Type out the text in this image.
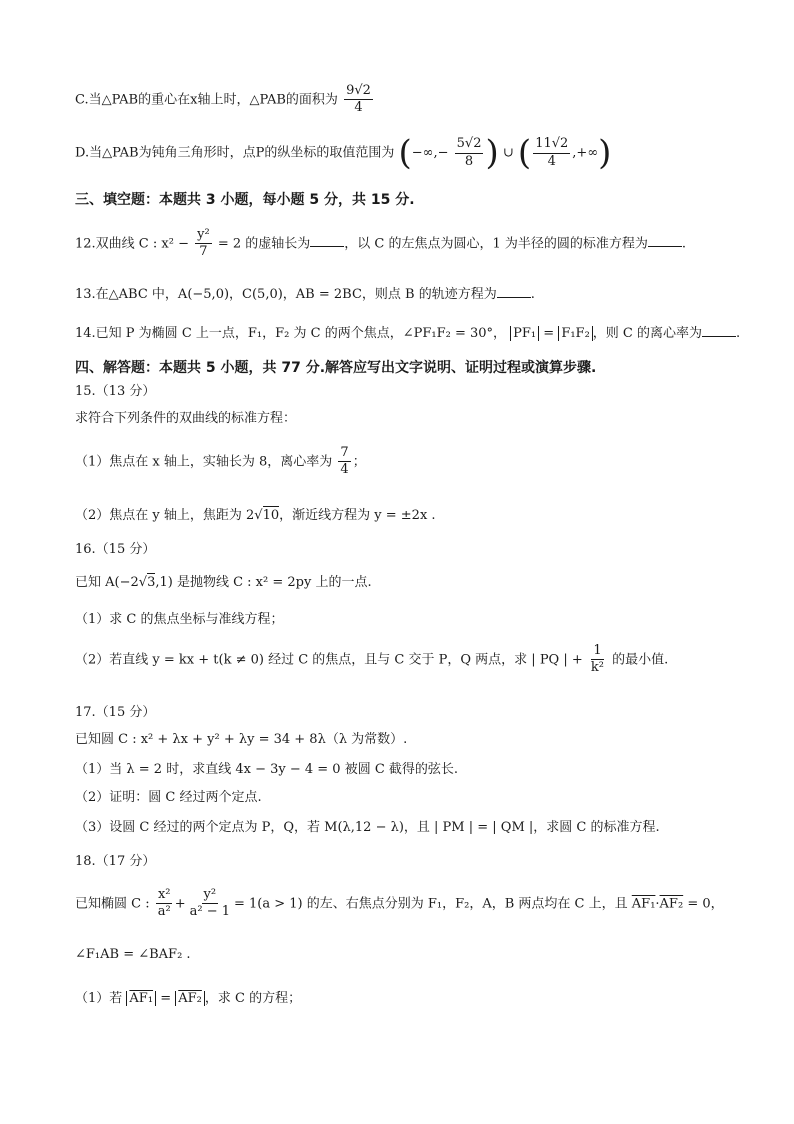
C.当△PAB的重心在x轴上时，△PAB的面积为 $\frac{9√2}{4}$
D.当△PAB为钝角三角形时，点P的纵坐标的取值范围为 (−∞,− $\frac{5√2}{8}$ ) ∪ ( $\frac{11√2}{4}$ ,+∞)
三、填空题：本题共 3 小题，每小题 5 分，共 15 分.
12.双曲线 C : $x^2 - \frac{\text{y²}}{7} = 2$ 的虚轴长为	，以 C 的左焦点为圆心，1 为半径的圆的标准方程为	.
13.在△ABC 中，A(−5,0)，C(5,0)，AB = 2BC，则点 B 的轨迹方程为	.
14.已知 P 为椭圆 C 上一点，F₁，F₂ 为 C 的两个焦点，∠PF₁F₂ = 30°， PF₁ = F₁F₂ ，则 C 的离心率为	.
四、解答题：本题共 5 小题，共 77 分.解答应写出文字说明、证明过程或演算步骤.
15.（13 分）
求符合下列条件的双曲线的标准方程：
（1）焦点在 x 轴上，实轴长为 8，离心率为 $\frac{7}{4}$ ；
（2）焦点在 y 轴上，焦距为 2√10，渐近线方程为 y = ±2x .
16.（15 分）
已知 A(−2√3,1) 是抛物线 C : x² = 2py 上的一点.
（1）求 C 的焦点坐标与准线方程；
（2）若直线 y = kx + t(k ≠ 0) 经过 C 的焦点，且与 C 交于 P，Q 两点，求 | PQ | + $\frac{1}{\text{k²}}$ 的最小值.
17.（15 分）
已知圆 C : x² + λx + y² + λy = 34 + 8λ（λ 为常数）.
（1）当 λ = 2 时，求直线 4x − 3y − 4 = 0 被圆 C 截得的弦长.
（2）证明：圆 C 经过两个定点.
（3）设圆 C 经过的两个定点为 P，Q，若 M(λ,12 − λ)，且 | PM | = | QM |，求圆 C 的标准方程.
18.（17 分）
已知椭圆 C : $\frac{\text{x²}}{\text{a²}} + \frac{\text{y²}}{\text{a² − 1}} = 1(a > 1)$ 的左、右焦点分别为 F₁，F₂，A，B 两点均在 C 上，且 AF₁·AF₂ = 0，
∠F₁AB = ∠BAF₂ .
（1）若 AF₁ = AF₂ ，求 C 的方程；
